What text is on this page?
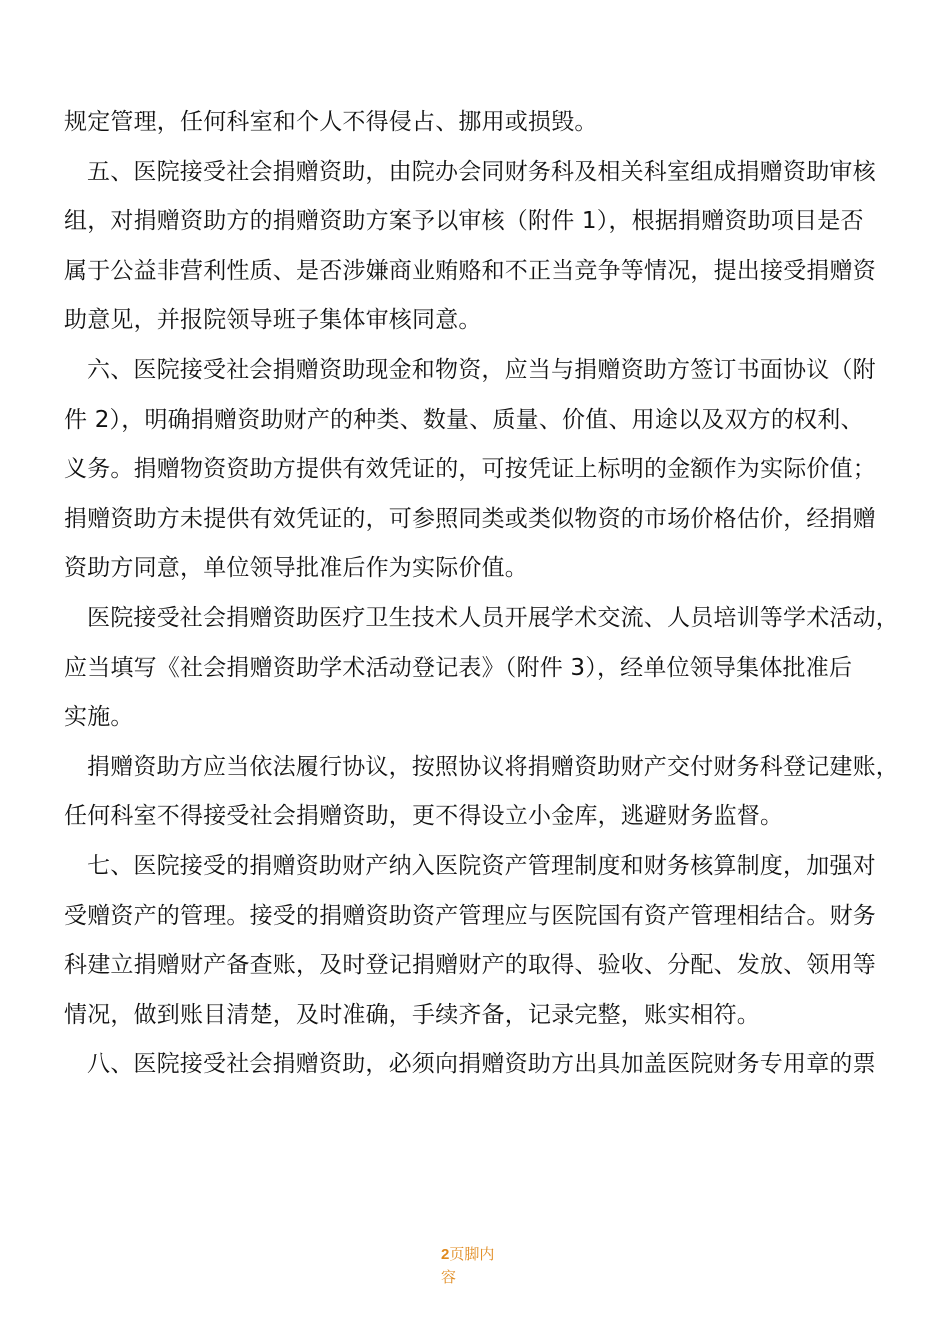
规定管理，任何科室和个人不得侵占、挪用或损毁。
五、医院接受社会捐赠资助，由院办会同财务科及相关科室组成捐赠资助审核
组，对捐赠资助方的捐赠资助方案予以审核（附件 1），根据捐赠资助项目是否
属于公益非营利性质、是否涉嫌商业贿赂和不正当竞争等情况，提出接受捐赠资
助意见，并报院领导班子集体审核同意。
六、医院接受社会捐赠资助现金和物资，应当与捐赠资助方签订书面协议（附
件 2），明确捐赠资助财产的种类、数量、质量、价值、用途以及双方的权利、
义务。捐赠物资资助方提供有效凭证的，可按凭证上标明的金额作为实际价值；
捐赠资助方未提供有效凭证的，可参照同类或类似物资的市场价格估价，经捐赠
资助方同意，单位领导批准后作为实际价值。
医院接受社会捐赠资助医疗卫生技术人员开展学术交流、人员培训等学术活动，
应当填写《社会捐赠资助学术活动登记表》（附件 3），经单位领导集体批准后
实施。
捐赠资助方应当依法履行协议，按照协议将捐赠资助财产交付财务科登记建账，
任何科室不得接受社会捐赠资助，更不得设立小金库，逃避财务监督。
七、医院接受的捐赠资助财产纳入医院资产管理制度和财务核算制度，加强对
受赠资产的管理。接受的捐赠资助资产管理应与医院国有资产管理相结合。财务
科建立捐赠财产备查账，及时登记捐赠财产的取得、验收、分配、发放、领用等
情况，做到账目清楚，及时准确，手续齐备，记录完整，账实相符。
八、医院接受社会捐赠资助，必须向捐赠资助方出具加盖医院财务专用章的票
2页脚内
容
